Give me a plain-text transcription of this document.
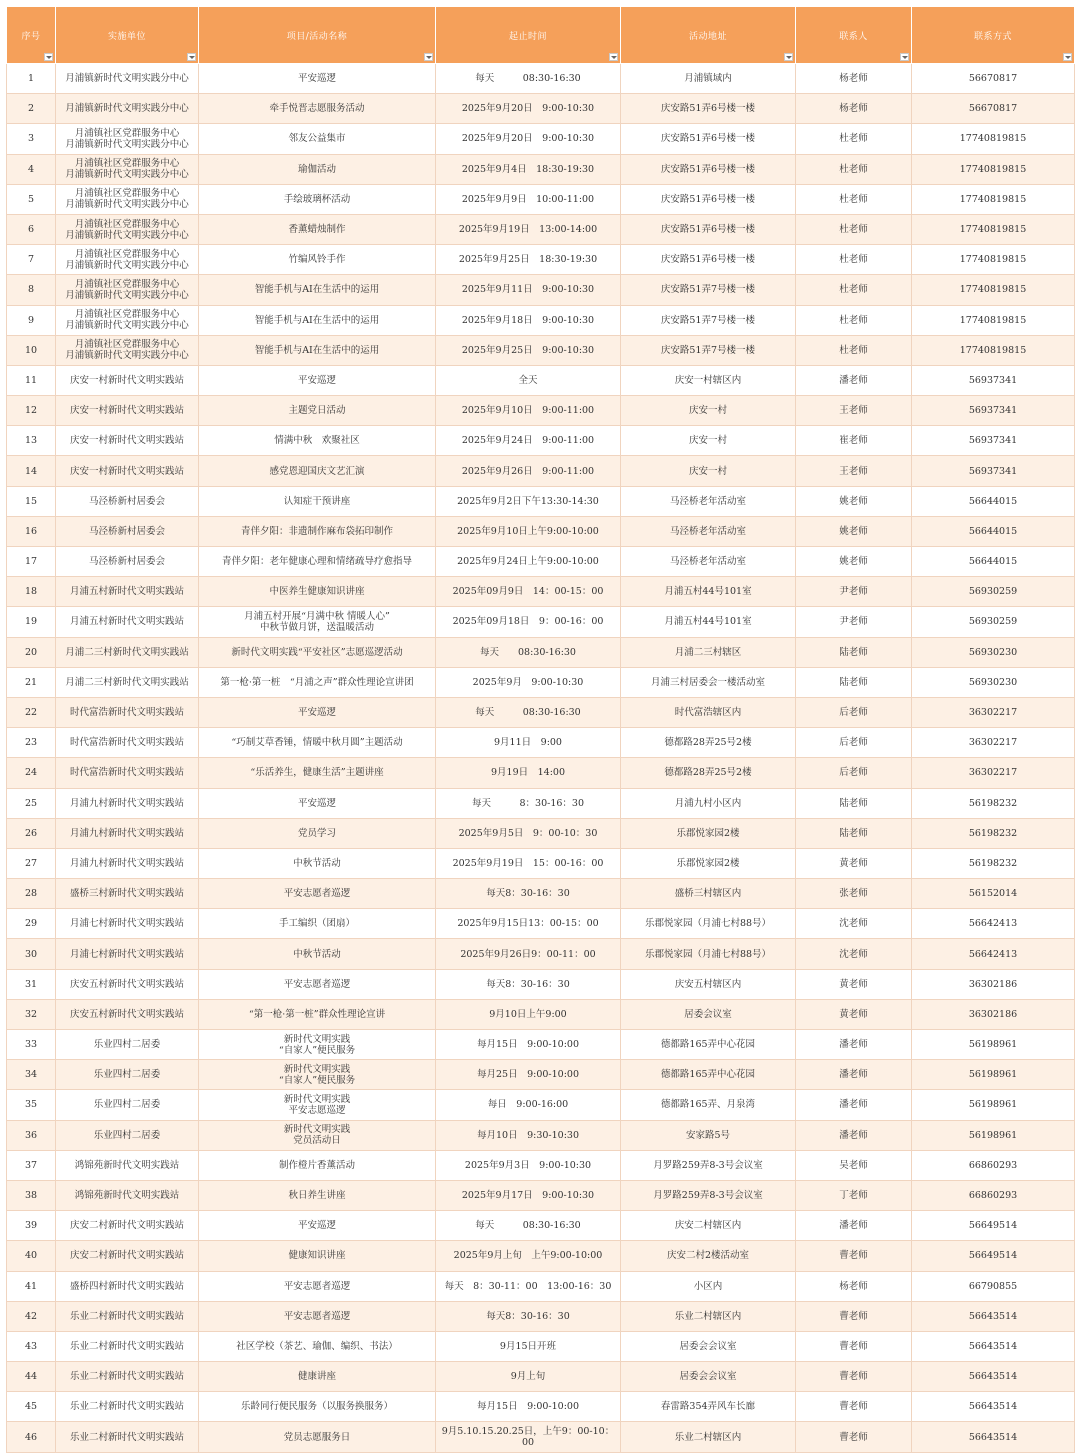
序号	实施单位	项目/活动名称	起止时间	活动地址	联系人	联系方式

1	月浦镇新时代文明实践分中心	平安巡逻	每天　　　08:30-16:30	月浦镇域内	杨老师	56670817

2	月浦镇新时代文明实践分中心	牵手悦晋志愿服务活动	2025年9月20日　9:00-10:30	庆安路51弄6号楼一楼	杨老师	56670817

3	月浦镇社区党群服务中心
月浦镇新时代文明实践分中心	邻友公益集市	2025年9月20日　9:00-10:30	庆安路51弄6号楼一楼	杜老师	17740819815

4	月浦镇社区党群服务中心
月浦镇新时代文明实践分中心	瑜伽活动	2025年9月4日　18:30-19:30	庆安路51弄6号楼一楼	杜老师	17740819815

5	月浦镇社区党群服务中心
月浦镇新时代文明实践分中心	手绘玻璃杯活动	2025年9月9日　10:00-11:00	庆安路51弄6号楼一楼	杜老师	17740819815

6	月浦镇社区党群服务中心
月浦镇新时代文明实践分中心	香薰蜡烛制作	2025年9月19日　13:00-14:00	庆安路51弄6号楼一楼	杜老师	17740819815

7	月浦镇社区党群服务中心
月浦镇新时代文明实践分中心	竹编风铃手作	2025年9月25日　18:30-19:30	庆安路51弄6号楼一楼	杜老师	17740819815

8	月浦镇社区党群服务中心
月浦镇新时代文明实践分中心	智能手机与AI在生活中的运用	2025年9月11日　9:00-10:30	庆安路51弄7号楼一楼	杜老师	17740819815

9	月浦镇社区党群服务中心
月浦镇新时代文明实践分中心	智能手机与AI在生活中的运用	2025年9月18日　9:00-10:30	庆安路51弄7号楼一楼	杜老师	17740819815

10	月浦镇社区党群服务中心
月浦镇新时代文明实践分中心	智能手机与AI在生活中的运用	2025年9月25日　9:00-10:30	庆安路51弄7号楼一楼	杜老师	17740819815

11	庆安一村新时代文明实践站	平安巡逻	全天	庆安一村辖区内	潘老师	56937341

12	庆安一村新时代文明实践站	主题党日活动	2025年9月10日　9:00-11:00	庆安一村	王老师	56937341

13	庆安一村新时代文明实践站	情满中秋　欢聚社区	2025年9月24日　9:00-11:00	庆安一村	崔老师	56937341

14	庆安一村新时代文明实践站	感党恩迎国庆文艺汇演	2025年9月26日　9:00-11:00	庆安一村	王老师	56937341

15	马泾桥新村居委会	认知症干预讲座	2025年9月2日下午13:30-14:30	马泾桥老年活动室	姚老师	56644015

16	马泾桥新村居委会	青伴夕阳：非遗制作麻布袋拓印制作	2025年9月10日上午9:00-10:00	马泾桥老年活动室	姚老师	56644015

17	马泾桥新村居委会	青伴夕阳：老年健康心理和情绪疏导疗愈指导	2025年9月24日上午9:00-10:00	马泾桥老年活动室	姚老师	56644015

18	月浦五村新时代文明实践站	中医养生健康知识讲座	2025年09月9日　14：00-15：00	月浦五村44号101室	尹老师	56930259

19	月浦五村新时代文明实践站	月浦五村开展“月满中秋 情暖人心”
中秋节做月饼，送温暖活动	2025年09月18日　9：00-16：00	月浦五村44号101室	尹老师	56930259

20	月浦二三村新时代文明实践站	新时代文明实践“平安社区”志愿巡逻活动	每天　　08:30-16:30	月浦二三村辖区	陆老师	56930230

21	月浦二三村新时代文明实践站	第一枪·第一桩　“月浦之声”群众性理论宣讲团	2025年9月　9:00-10:30	月浦三村居委会一楼活动室	陆老师	56930230

22	时代富浩新时代文明实践站	平安巡逻	每天　　　08:30-16:30	时代富浩辖区内	后老师	36302217

23	时代富浩新时代文明实践站	“巧制艾草香锤，情暖中秋月圆”主题活动	9月11日　9:00	德都路28弄25号2楼	后老师	36302217

24	时代富浩新时代文明实践站	“乐活养生，健康生活”主题讲座	9月19日　14:00	德都路28弄25号2楼	后老师	36302217

25	月浦九村新时代文明实践站	平安巡逻	每天　　　8：30-16：30	月浦九村小区内	陆老师	56198232

26	月浦九村新时代文明实践站	党员学习	2025年9月5日　9：00-10：30	乐郡悦家园2楼	陆老师	56198232

27	月浦九村新时代文明实践站	中秋节活动	2025年9月19日　15：00-16：00	乐郡悦家园2楼	黄老师	56198232

28	盛桥三村新时代文明实践站	平安志愿者巡逻	每天8：30-16：30	盛桥三村辖区内	张老师	56152014

29	月浦七村新时代文明实践站	手工编织（团扇）	2025年9月15日13：00-15：00	乐郡悦家园（月浦七村88号）	沈老师	56642413

30	月浦七村新时代文明实践站	中秋节活动	2025年9月26日9：00-11：00	乐郡悦家园（月浦七村88号）	沈老师	56642413

31	庆安五村新时代文明实践站	平安志愿者巡逻	每天8：30-16：30	庆安五村辖区内	黄老师	36302186

32	庆安五村新时代文明实践站	“第一枪·第一桩”群众性理论宣讲	9月10日上午9:00	居委会议室	黄老师	36302186

33	乐业四村二居委	新时代文明实践
“自家人”便民服务	每月15日　9:00-10:00	德都路165弄中心花园	潘老师	56198961

34	乐业四村二居委	新时代文明实践
“自家人”便民服务	每月25日　9:00-10:00	德都路165弄中心花园	潘老师	56198961

35	乐业四村二居委	新时代文明实践
平安志愿巡逻	每日　9:00-16:00	德都路165弄、月泉湾	潘老师	56198961

36	乐业四村二居委	新时代文明实践
党员活动日	每月10日　9:30-10:30	安家路5号	潘老师	56198961

37	鸿锦苑新时代文明实践站	制作橙片香薰活动	2025年9月3日　9:00-10:30	月罗路259弄8-3号会议室	吴老师	66860293

38	鸿锦苑新时代文明实践站	秋日养生讲座	2025年9月17日　9:00-10:30	月罗路259弄8-3号会议室	丁老师	66860293

39	庆安二村新时代文明实践站	平安巡逻	每天　　　08:30-16:30	庆安二村辖区内	潘老师	56649514

40	庆安二村新时代文明实践站	健康知识讲座	2025年9月上旬　上午9:00-10:00	庆安二村2楼活动室	曹老师	56649514

41	盛桥四村新时代文明实践站	平安志愿者巡逻	每天　8：30-11：00　13:00-16：30	小区内	杨老师	66790855

42	乐业二村新时代文明实践站	平安志愿者巡逻	每天8：30-16：30	乐业二村辖区内	曹老师	56643514

43	乐业二村新时代文明实践站	社区学校（茶艺、瑜伽、编织、书法）	9月15日开班	居委会会议室	曹老师	56643514

44	乐业二村新时代文明实践站	健康讲座	9月上旬	居委会会议室	曹老师	56643514

45	乐业二村新时代文明实践站	乐龄同行便民服务（以服务换服务）	每月15日　9:00-10:00	春雷路354弄风车长廊	曹老师	56643514

46	乐业二村新时代文明实践站	党员志愿服务日	9月5.10.15.20.25日，上午9：00-10：00	乐业二村辖区内	曹老师	56643514
